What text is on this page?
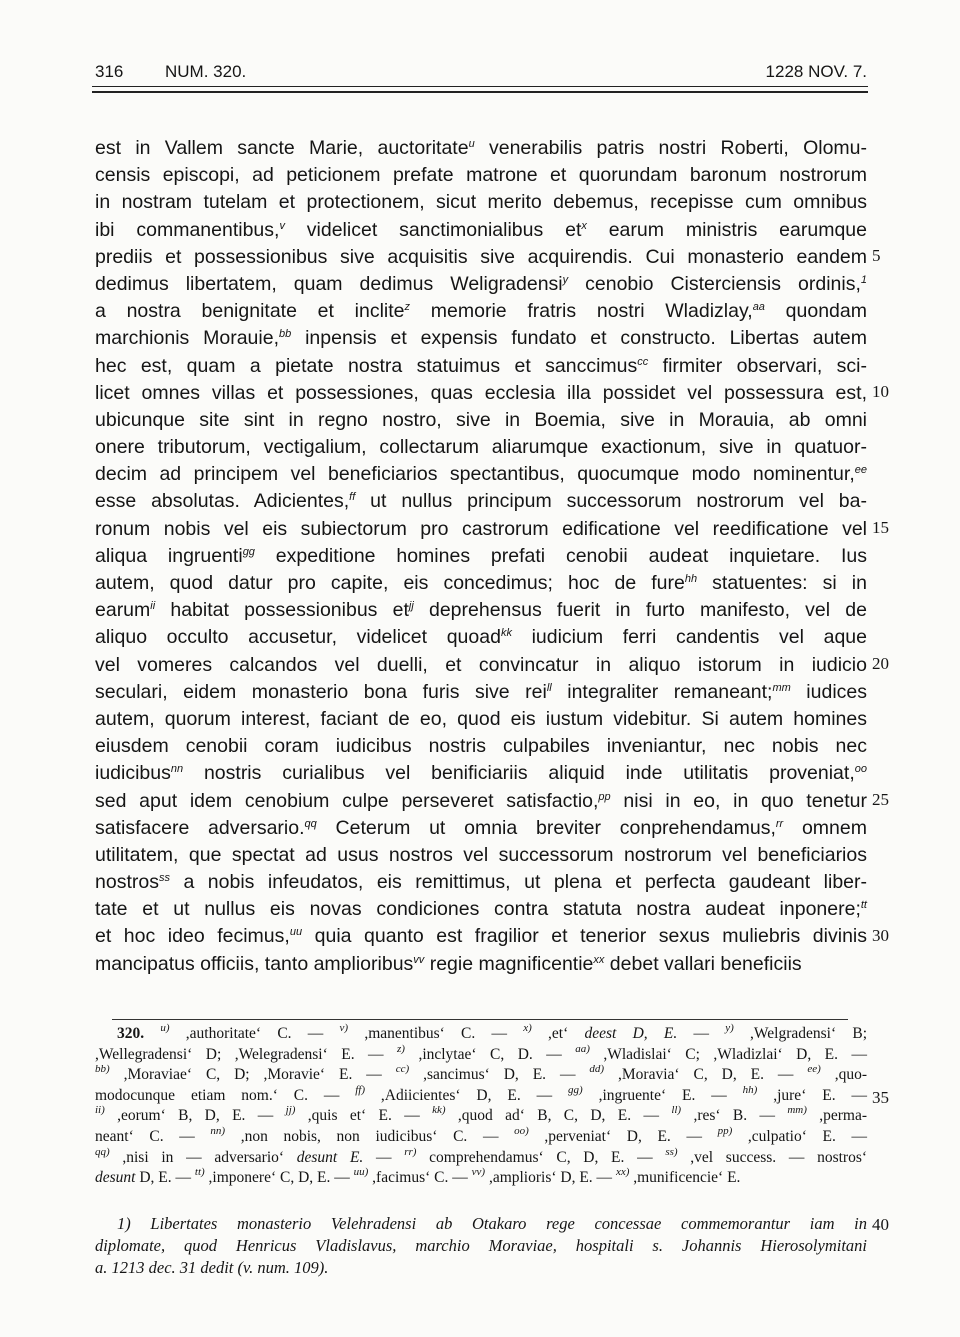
316 NUM. 320.	1228 NOV. 7.
est in Vallem sancte Marie, auctoritate$^u$ venerabilis patris nostri Roberti, Olomu-
censis episcopi, ad peticionem prefate matrone et quorundam baronum nostrorum
in nostram tutelam et protectionem, sicut merito debemus, recepisse cum omnibus
ibi commanentibus,$^v$ videlicet sanctimonialibus $et^x$ earum ministris earumque
prediis et possessionibus sive acquisitis sive acquirendis. Cui monasterio eandem
dedimus libertatem, quam dedimus Weligradensi$^y$ cenobio Cisterciensis ordinis,$^1$
a nostra benignitate et inclite$^z$ memorie fratris nostri Wladizlay,$^{aa}$ quondam
marchionis Morauie,$^{bb}$ inpensis et expensis fundato et constructo. Libertas autem
hec est, quam a pietate nostra statuimus et sanccimus$^{cc}$ firmiter observari, sci-
licet omnes villas et possessiones, quas ecclesia illa possidet vel possessura est,
ubicunque site sint in regno nostro, sive in Boemia, sive in Morauia, ab omni
onere tributorum, vectigalium, collectarum aliarumque exactionum, sive in quatuor-
decim ad principem vel beneficiarios spectantibus, quocumque modo nominentur,$^{ee}$
esse absolutas. Adicientes,$^{ff}$ ut nullus principum successorum nostrorum vel ba-
ronum nobis vel eis subiectorum pro castrorum edificatione vel reedificatione vel
aliqua ingruenti$^{gg}$ expeditione homines prefati cenobii audeat inquietare. Ius
autem, quod datur pro capite, eis concedimus; hoc de fure$^{hh}$ statuentes: si in
earum$^{ii}$ habitat possessionibus $et^{jj}$ deprehensus fuerit in furto manifesto, vel de
aliquo occulto accusetur, videlicet quoad$^{kk}$ iudicium ferri candentis vel aque
vel vomeres calcandos vel duelli, et convincatur in aliquo istorum in iudicio
seculari, eidem monasterio bona furis sive rei$^{ll}$ integraliter remaneant;$^{mm}$ iudices
autem, quorum interest, faciant de eo, quod eis iustum videbitur. Si autem homines
eiusdem cenobii coram iudicibus nostris culpabiles inveniantur, nec nobis nec
iudicibus$^{nn}$ nostris curialibus vel benificiariis aliquid inde utilitatis proveniat,$^{oo}$
sed aput idem cenobium culpe perseveret satisfactio,$^{pp}$ nisi in eo, in quo tenetur
satisfacere adversario.$^{qq}$ Ceterum ut omnia breviter conprehendamus,$^{rr}$ omnem
utilitatem, que spectat ad usus nostros vel successorum nostrorum vel beneficiarios
nostros$^{ss}$ a nobis infeudatos, eis remittimus, ut plena et perfecta gaudeant liber-
tate et ut nullus eis novas condiciones contra statuta nostra audeat inponere;$^{tt}$
et hoc ideo fecimus,$^{uu}$ quia quanto est fragilior et tenerior sexus muliebris divinis
mancipatus officiis, tanto amplioribus$^{vv}$ regie magnificentie$^{xx}$ debet vallari beneficiis
5
10
15
20
25
30
320. $^{u)}$ ,authoritate‘ C. — $^{v)}$ ,manentibus‘ C. — $^{x)}$ ,et‘ deest D, E. — $^{y)}$ ,Welgradensi‘ B;
,Wellegradensi‘ D; ,Welegradensi‘ E. — $^{z)}$ ,inclytae‘ C, D. — $^{aa)}$ ,Wladislai‘ C; ,Wladizlai‘ D, E. —
$^{bb)}$ ,Moraviae‘ C, D; ,Moravie‘ E. — $^{cc)}$ ,sancimus‘ D, E. — $^{dd)}$ ,Moravia‘ C, D, E. — $^{ee)}$ ,quo-
modocunque etiam nom.‘ C. — $^{ff)}$ ,Adiicientes‘ D, E. — $^{gg)}$ ,ingruente‘ E. — $^{hh)}$ ,jure‘ E. —
$^{ii)}$ ,eorum‘ B, D, E. — $^{jj)}$ ,quis et‘ E. — $^{kk)}$ ,quod ad‘ B, C, D, E. — $^{ll)}$ ,res‘ B. — $^{mm)}$ ,perma-
neant‘ C. — $^{nn)}$ ,non nobis, non iudicibus‘ C. — $^{oo)}$ ,perveniat‘ D, E. — $^{pp)}$ ,culpatio‘ E. —
$^{qq)}$ ,nisi in — adversario‘ desunt E. — $^{rr)}$ comprehendamus‘ C, D, E. — $^{ss)}$ ,vel success. — nostros‘
desunt D, E. — $^{tt)}$ ,imponere‘ C, D, E. — $^{uu)}$ ,facimus‘ C. — $^{vv)}$ ,amplioris‘ D, E. — $^{xx)}$ ,munificencie‘ E.
1) Libertates monasterio Velehradensi ab Otakaro rege concessae commemorantur iam in
diplomate, quod Henricus Vladislavus, marchio Moraviae, hospitali s. Johannis Hierosolymitani
a. 1213 dec. 31 dedit (v. num. 109).
35
40
